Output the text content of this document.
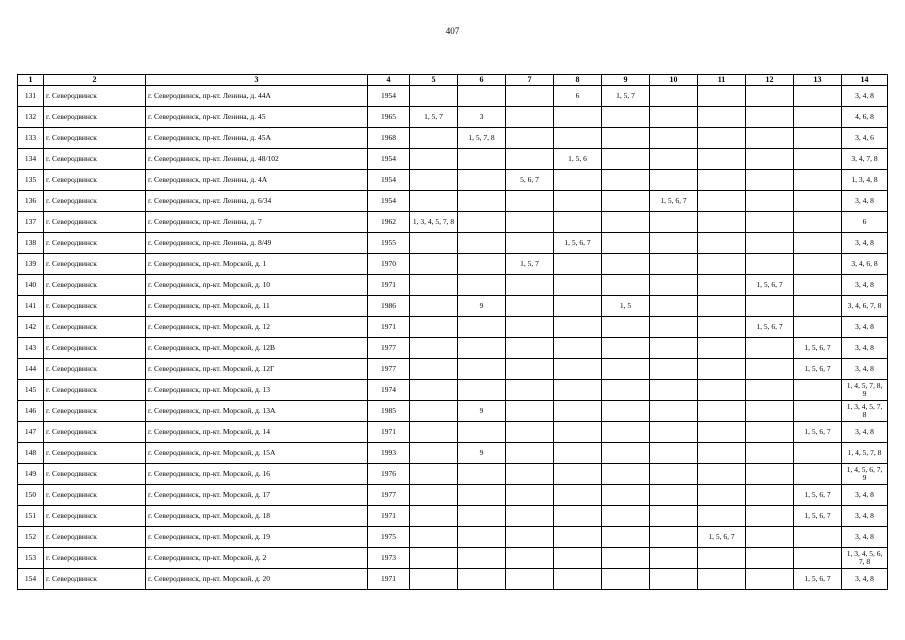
407
1	2	3	4	5	6	7	8	9	10	11	12	13	14
131	г. Северодвинск	г. Северодвинск, пр-кт. Ленина, д. 44А	1954				6	1, 5, 7					3, 4, 8
132	г. Северодвинск	г. Северодвинск, пр-кт. Ленина, д. 45	1965	1, 5, 7	3								4, 6, 8
133	г. Северодвинск	г. Северодвинск, пр-кт. Ленина, д. 45А	1968		1, 5, 7, 8								3, 4, 6
134	г. Северодвинск	г. Северодвинск, пр-кт. Ленина, д. 48/102	1954				1, 5, 6						3, 4, 7, 8
135	г. Северодвинск	г. Северодвинск, пр-кт. Ленина, д. 4А	1954			5, 6, 7							1, 3, 4, 8
136	г. Северодвинск	г. Северодвинск, пр-кт. Ленина, д. 6/34	1954						1, 5, 6, 7				3, 4, 8
137	г. Северодвинск	г. Северодвинск, пр-кт. Ленина, д. 7	1962	1, 3, 4, 5, 7, 8									6
138	г. Северодвинск	г. Северодвинск, пр-кт. Ленина, д. 8/49	1955				1, 5, 6, 7						3, 4, 8
139	г. Северодвинск	г. Северодвинск, пр-кт. Морской, д. 1	1970			1, 5, 7							3, 4, 6, 8
140	г. Северодвинск	г. Северодвинск, пр-кт. Морской, д. 10	1971								1, 5, 6, 7		3, 4, 8
141	г. Северодвинск	г. Северодвинск, пр-кт. Морской, д. 11	1986		9			1, 5					3, 4, 6, 7, 8
142	г. Северодвинск	г. Северодвинск, пр-кт. Морской, д. 12	1971								1, 5, 6, 7		3, 4, 8
143	г. Северодвинск	г. Северодвинск, пр-кт. Морской, д. 12В	1977									1, 5, 6, 7	3, 4, 8
144	г. Северодвинск	г. Северодвинск, пр-кт. Морской, д. 12Г	1977									1, 5, 6, 7	3, 4, 8
145	г. Северодвинск	г. Северодвинск, пр-кт. Морской, д. 13	1974										1, 4, 5, 7, 8, 9
146	г. Северодвинск	г. Северодвинск, пр-кт. Морской, д. 13А	1985		9								1, 3, 4, 5, 7, 8
147	г. Северодвинск	г. Северодвинск, пр-кт. Морской, д. 14	1971									1, 5, 6, 7	3, 4, 8
148	г. Северодвинск	г. Северодвинск, пр-кт. Морской, д. 15А	1993		9								1, 4, 5, 7, 8
149	г. Северодвинск	г. Северодвинск, пр-кт. Морской, д. 16	1976										1, 4, 5, 6, 7, 9
150	г. Северодвинск	г. Северодвинск, пр-кт. Морской, д. 17	1977									1, 5, 6, 7	3, 4, 8
151	г. Северодвинск	г. Северодвинск, пр-кт. Морской, д. 18	1971									1, 5, 6, 7	3, 4, 8
152	г. Северодвинск	г. Северодвинск, пр-кт. Морской, д. 19	1975							1, 5, 6, 7			3, 4, 8
153	г. Северодвинск	г. Северодвинск, пр-кт. Морской, д. 2	1973										1, 3, 4, 5, 6, 7, 8
154	г. Северодвинск	г. Северодвинск, пр-кт. Морской, д. 20	1971									1, 5, 6, 7	3, 4, 8
